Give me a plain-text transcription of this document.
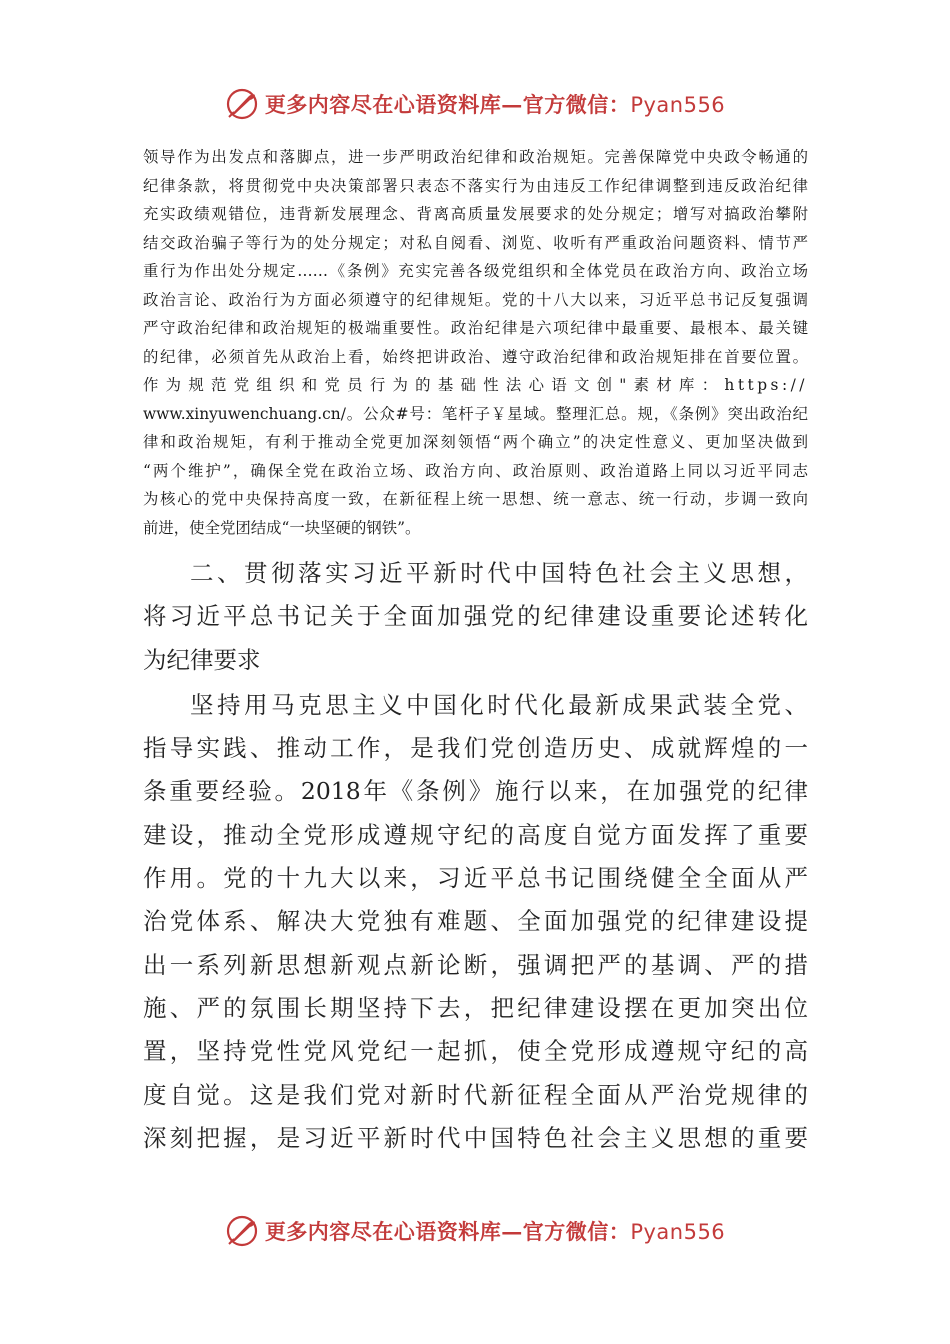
更多内容尽在心语资料库—官方微信：Pyan556
领导作为出发点和落脚点，进一步严明政治纪律和政治规矩。完善保障党中央政令畅通的
纪律条款，将贯彻党中央决策部署只表态不落实行为由违反工作纪律调整到违反政治纪律
充实政绩观错位，违背新发展理念、背离高质量发展要求的处分规定；增写对搞政治攀附
结交政治骗子等行为的处分规定；对私自阅看、浏览、收听有严重政治问题资料、情节严
重行为作出处分规定……《条例》充实完善各级党组织和全体党员在政治方向、政治立场
政治言论、政治行为方面必须遵守的纪律规矩。党的十八大以来，习近平总书记反复强调
严守政治纪律和政治规矩的极端重要性。政治纪律是六项纪律中最重要、最根本、最关键
的纪律，必须首先从政治上看，始终把讲政治、遵守政治纪律和政治规矩排在首要位置。
作为规范党组织和党员行为的基础性法心语文创"素材库：https://
www.xinyuwenchuang.cn/。公众#号：笔杆子￥星域。整理汇总。规，《条例》突出政治纪
律和政治规矩，有利于推动全党更加深刻领悟“两个确立”的决定性意义、更加坚决做到
“两个维护”，确保全党在政治立场、政治方向、政治原则、政治道路上同以习近平同志
为核心的党中央保持高度一致，在新征程上统一思想、统一意志、统一行动，步调一致向
前进，使全党团结成“一块坚硬的钢铁”。
二、贯彻落实习近平新时代中国特色社会主义思想，
将习近平总书记关于全面加强党的纪律建设重要论述转化
为纪律要求
坚持用马克思主义中国化时代化最新成果武装全党、
指导实践、推动工作，是我们党创造历史、成就辉煌的一
条重要经验。2018年《条例》施行以来，在加强党的纪律
建设，推动全党形成遵规守纪的高度自觉方面发挥了重要
作用。党的十九大以来，习近平总书记围绕健全全面从严
治党体系、解决大党独有难题、全面加强党的纪律建设提
出一系列新思想新观点新论断，强调把严的基调、严的措
施、严的氛围长期坚持下去，把纪律建设摆在更加突出位
置，坚持党性党风党纪一起抓，使全党形成遵规守纪的高
度自觉。这是我们党对新时代新征程全面从严治党规律的
深刻把握，是习近平新时代中国特色社会主义思想的重要
更多内容尽在心语资料库—官方微信：Pyan556
